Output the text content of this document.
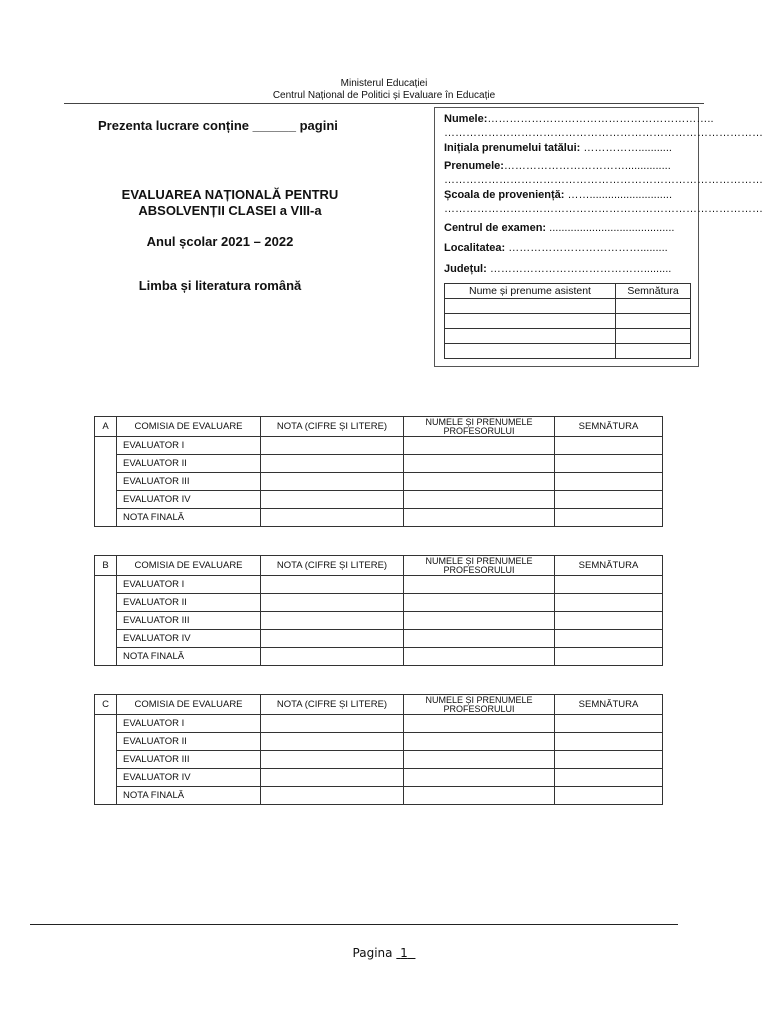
Ministerul Educației
Centrul Național de Politici și Evaluare în Educație
Prezenta lucrare conține ______ pagini
EVALUAREA NAȚIONALĂ PENTRU
ABSOLVENȚII CLASEI a VIII-a
Anul școlar 2021 – 2022
Limba și literatura română
Numele:……………………………………………………..
……………………………………………………………………………
Inițiala prenumelui tatălui: ……………...........
Prenumele:……………………………...............
……………………………………………………………………………
Școala de proveniență: ……...........................
……………………………………………………………………………
Centrul de examen: .........................................
Localitatea: ……………………………….........
Județul: …………………………………….........
Nume și prenume asistent	Semnătura

A	COMISIA DE EVALUARE	NOTA (CIFRE ȘI LITERE)	NUMELE ȘI PRENUMELE PROFESORULUI	SEMNĂTURA
	EVALUATOR I			
	EVALUATOR II			
	EVALUATOR III			
	EVALUATOR IV			
	NOTA FINALĂ			
B	COMISIA DE EVALUARE	NOTA (CIFRE ȘI LITERE)	NUMELE ȘI PRENUMELE PROFESORULUI	SEMNĂTURA
	EVALUATOR I			
	EVALUATOR II			
	EVALUATOR III			
	EVALUATOR IV			
	NOTA FINALĂ			
C	COMISIA DE EVALUARE	NOTA (CIFRE ȘI LITERE)	NUMELE ȘI PRENUMELE PROFESORULUI	SEMNĂTURA
	EVALUATOR I			
	EVALUATOR II			
	EVALUATOR III			
	EVALUATOR IV			
	NOTA FINALĂ			
Pagina 1
